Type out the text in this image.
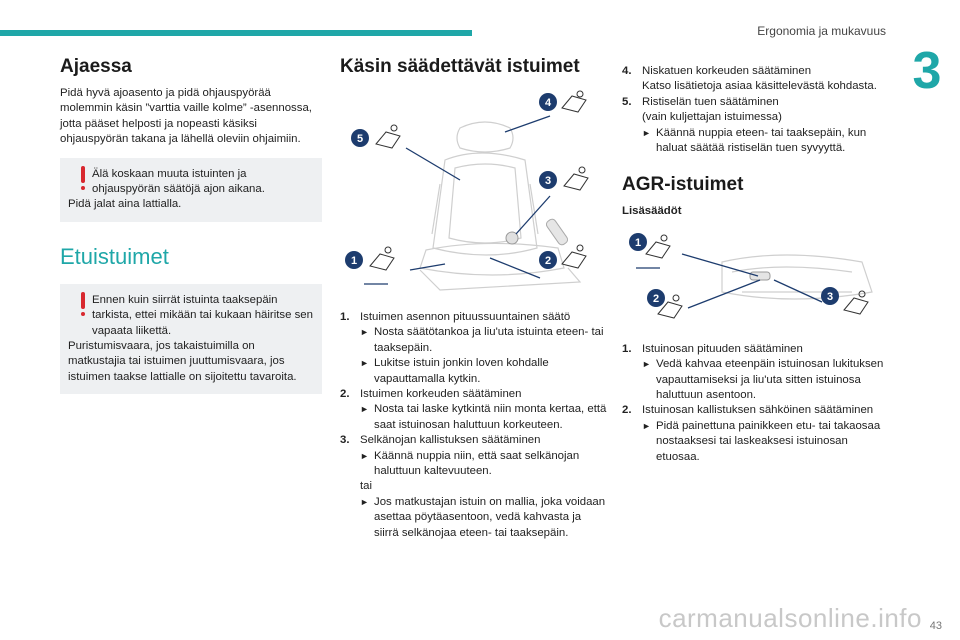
Ergonomia ja mukavuus
3
Ajaessa

Pidä hyvä ajoasento ja pidä ohjauspyörää molemmin käsin ”varttia vaille kolme” -asennossa, jotta pääset helposti ja nopeasti käsiksi ohjauspyörän takana ja lähellä oleviin ohjaimiin.

Älä koskaan muuta istuinten ja ohjauspyörän säätöjä ajon aikana.

Pidä jalat aina lattialla.

Etuistuimet

Ennen kuin siirrät istuinta taaksepäin tarkista, ettei mikään tai kukaan häiritse sen vapaata liikettä.

Puristumisvaara, jos takaistuimilla on matkustajia tai istuimen juuttumisvaara, jos istuimen taakse lattialle on sijoitettu tavaroita.

Käsin säädettävät istuimet
1	2
3
4
5
1. Istuimen asennon pituussuuntainen säätö

► Nosta säätötankoa ja liu'uta istuinta eteen- tai taaksepäin.
► Lukitse istuin jonkin loven kohdalle vapauttamalla kytkin.
2. Istuimen korkeuden säätäminen

► Nosta tai laske kytkintä niin monta kertaa, että saat istuinosan haluttuun korkeuteen.
3. Selkänojan kallistuksen säätäminen

► Käännä nuppia niin, että saat selkänojan haluttuun kaltevuuteen.

tai

► Jos matkustajan istuin on mallia, joka voidaan asettaa pöytäasentoon, vedä kahvasta ja siirrä selkänojaa eteen- tai taaksepäin.
4. Niskatuen korkeuden säätäminen

Katso lisätietoja asiaa käsittelevästä kohdasta.

5. Ristiselän tuen säätäminen

(vain kuljettajan istuimessa)

► Käännä nuppia eteen- tai taaksepäin, kun haluat säätää ristiselän tuen syvyyttä.
AGR-istuimet

Lisäsäädöt

1
2	3
1. Istuinosan pituuden säätäminen

► Vedä kahvaa eteenpäin istuinosan lukituksen vapauttamiseksi ja liu'uta sitten istuinosa haluttuun asentoon.
2. Istuinosan kallistuksen sähköinen säätäminen

► Pidä painettuna painikkeen etu- tai takaosaa nostaaksesi tai laskeaksesi istuinosan etuosaa.
carmanualsonline.info 43
